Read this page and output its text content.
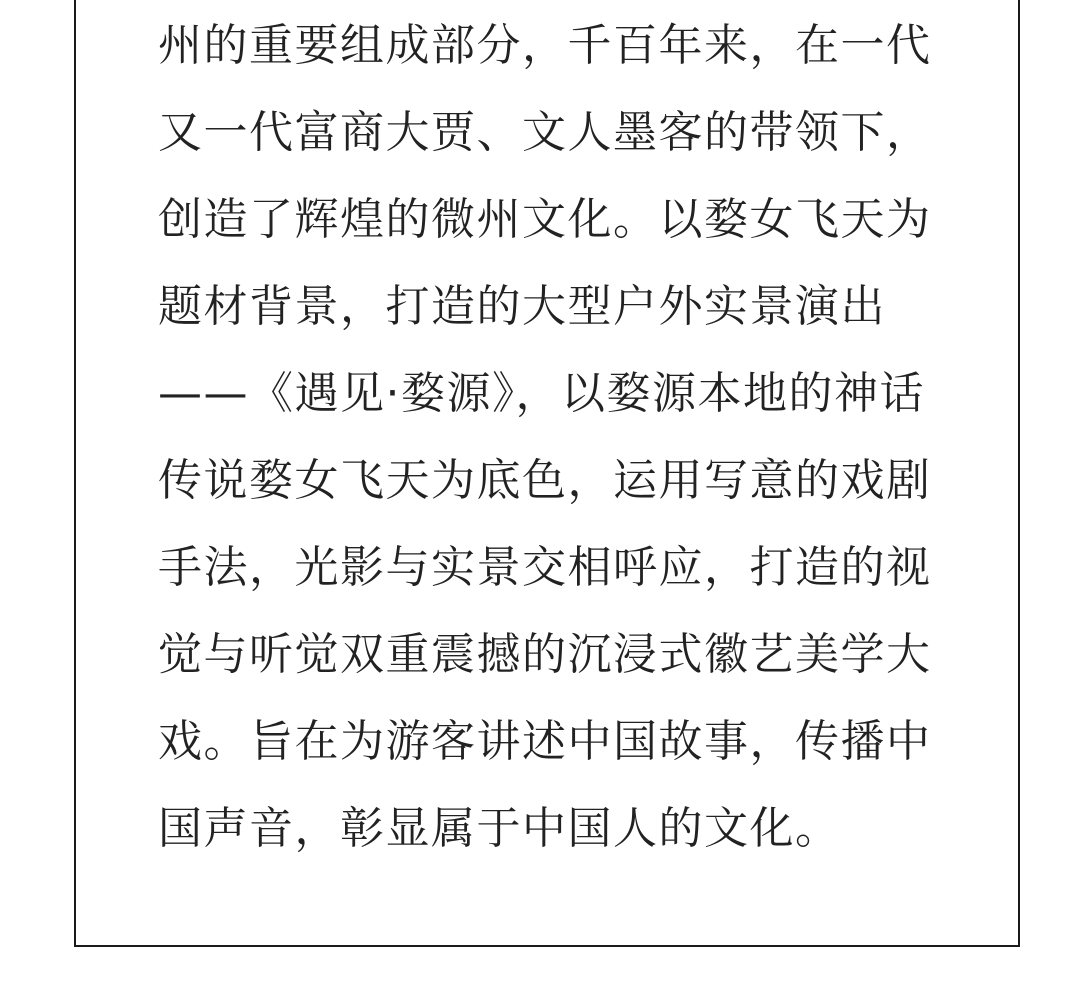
州的重要组成部分，千百年来，在一代
又一代富商大贾、文人墨客的带领下，
创造了辉煌的微州文化。以婺女飞天为
题材背景，打造的大型户外实景演出
——《遇见·婺源》，以婺源本地的神话
传说婺女飞天为底色，运用写意的戏剧
手法，光影与实景交相呼应，打造的视
觉与听觉双重震撼的沉浸式徽艺美学大
戏。旨在为游客讲述中国故事，传播中
国声音，彰显属于中国人的文化。
